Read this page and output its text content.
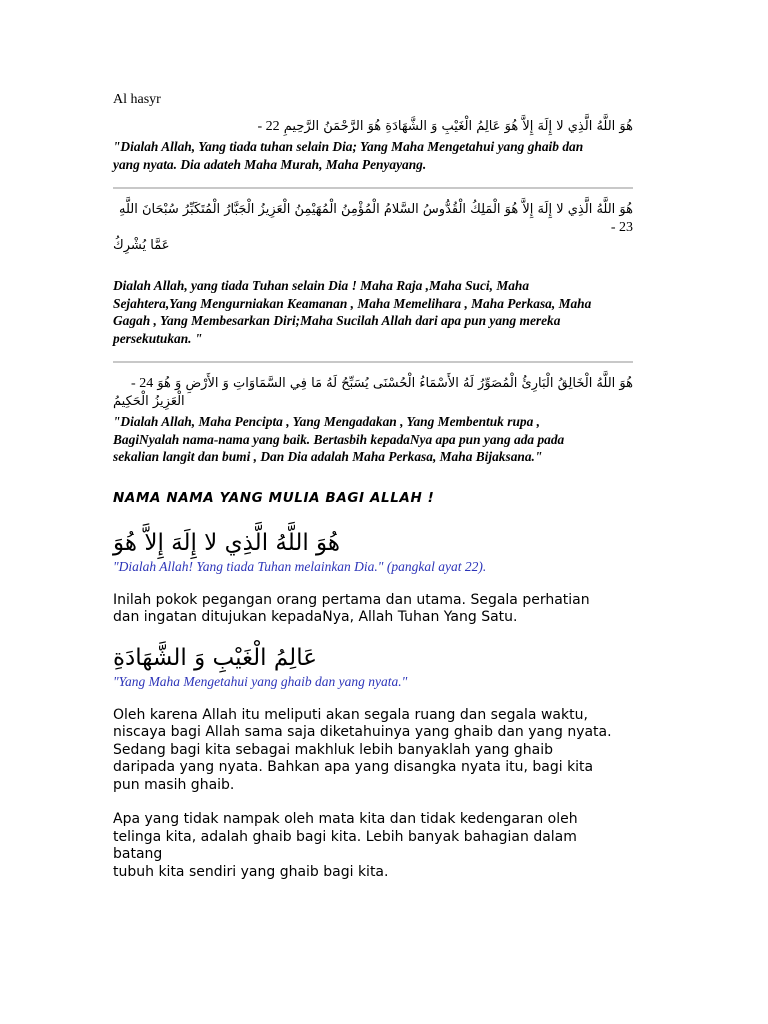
Al hasyr
هُوَ اللَّهُ الَّذِي لا إِلَهَ إِلاَّ هُوَ عَالِمُ الْغَيْبِ وَ الشَّهَادَةِ هُوَ الرَّحْمَنُ الرَّحِيمِ 22 -

"Dialah Allah, Yang tiada tuhan selain Dia; Yang Maha Mengetahui yang ghaib dan
yang nyata. Dia adateh Maha Murah, Maha Penyayang.

هُوَ اللَّهُ الَّذِي لا إِلَهَ إِلاَّ هُوَ الْمَلِكُ الْقُدُّوسُ السَّلامُ الْمُؤْمِنُ الْمُهَيْمِنُ الْعَزِيزُ الْجَبَّارُ الْمُتَكَبِّرُ سُبْحَانَ اللَّهِ 23 -
عَمَّا يُشْرِكُ

Dialah Allah, yang tiada Tuhan selain Dia ! Maha Raja ,Maha Suci, Maha
Sejahtera,Yang Mengurniakan Keamanan , Maha Memelihara , Maha Perkasa, Maha
Gagah , Yang Membesarkan Diri;Maha Sucilah Allah dari apa pun yang mereka
persekutukan. "

هُوَ اللَّهُ الْخَالِقُ الْبَارِئُ الْمُصَوِّرُ لَهُ الأَسْمَاءُ الْحُسْنَى يُسَبِّحُ لَهُ مَا فِي السَّمَاوَاتِ وَ الأَرْضِ وَ هُوَ 24 -
الْعَزِيزُ الْحَكِيمُ

"Dialah Allah, Maha Pencipta , Yang Mengadakan , Yang Membentuk rupa ,
BagiNyalah nama-nama yang baik. Bertasbih kepadaNya apa pun yang ada pada
sekalian langit dan bumi , Dan Dia adalah Maha Perkasa, Maha Bijaksana."

NAMA NAMA YANG MULIA BAGI ALLAH !
هُوَ اللَّهُ الَّذِي لا إِلَهَ إِلاَّ هُوَ

"Dialah Allah! Yang tiada Tuhan melainkan Dia." (pangkal ayat 22).

Inilah pokok pegangan orang pertama dan utama. Segala perhatian
dan ingatan ditujukan kepadaNya, Allah Tuhan Yang Satu.

عَالِمُ الْغَيْبِ وَ الشَّهَادَةِ

"Yang Maha Mengetahui yang ghaib dan yang nyata."

Oleh karena Allah itu meliputi akan segala ruang dan segala waktu,
niscaya bagi Allah sama saja diketahuinya yang ghaib dan yang nyata.
Sedang bagi kita sebagai makhluk lebih banyaklah yang ghaib
daripada yang nyata. Bahkan apa yang disangka nyata itu, bagi kita
pun masih ghaib.

Apa yang tidak nampak oleh mata kita dan tidak kedengaran oleh
telinga kita, adalah ghaib bagi kita. Lebih banyak bahagian dalam
batang
tubuh kita sendiri yang ghaib bagi kita.
